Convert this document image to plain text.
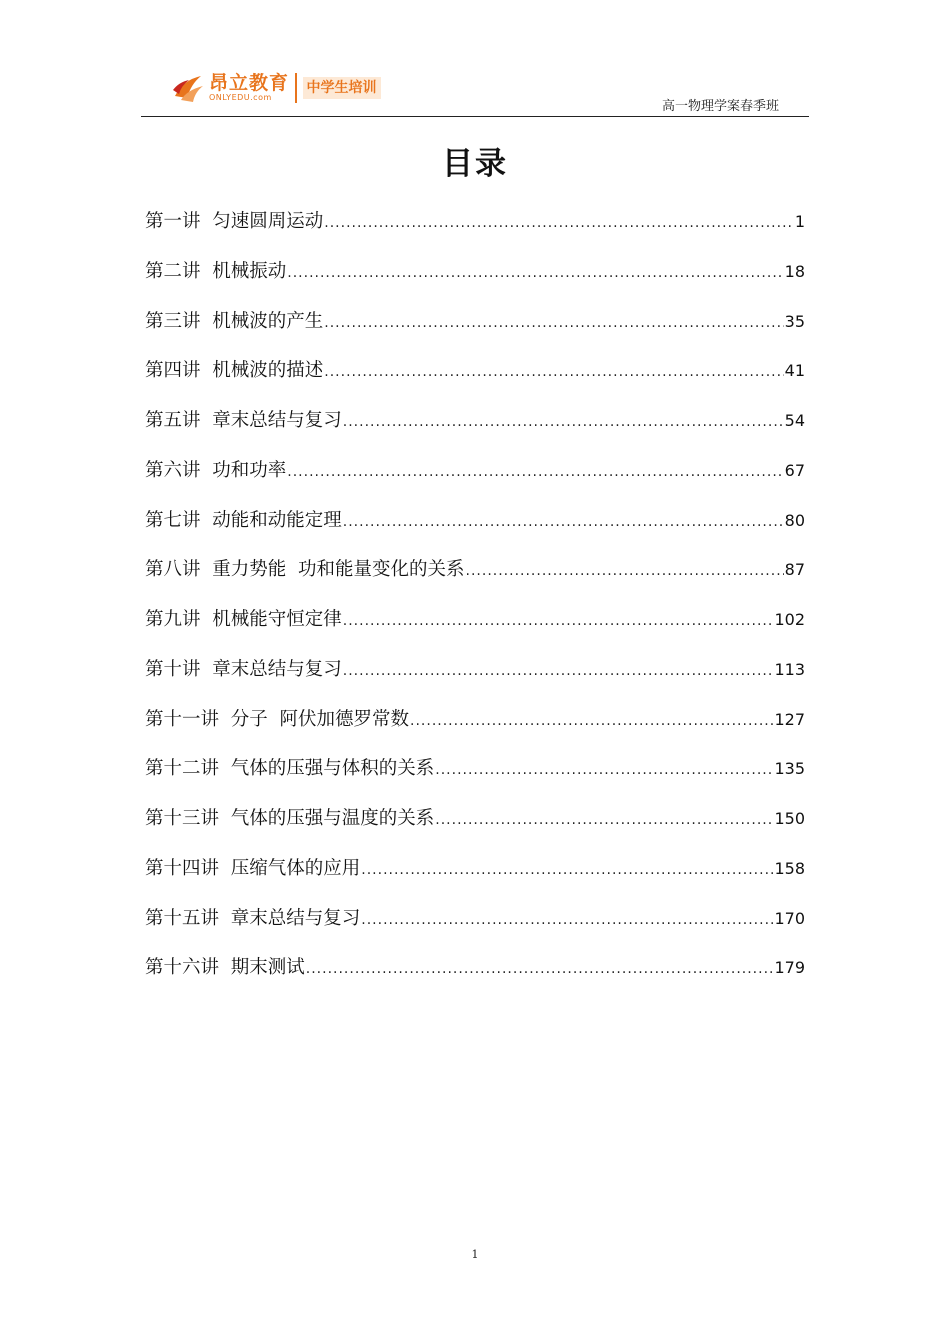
昂立教育
ONLYEDU.com
中学生培训
高一物理学案春季班
目录
第一讲  匀速圆周运动 .....	1
第二讲  机械振动 .....	18
第三讲  机械波的产生 .....	35
第四讲  机械波的描述 .....	41
第五讲  章末总结与复习 .....	54
第六讲  功和功率 .....	67
第七讲  动能和动能定理 .....	80
第八讲  重力势能  功和能量变化的关系 .....	87
第九讲  机械能守恒定律 .....	102
第十讲  章末总结与复习 .....	113
第十一讲  分子  阿伏加德罗常数 .....	127
第十二讲  气体的压强与体积的关系 .....	135
第十三讲  气体的压强与温度的关系 .....	150
第十四讲  压缩气体的应用 .....	158
第十五讲  章末总结与复习 .....	170
第十六讲  期末测试 .....	179
1
